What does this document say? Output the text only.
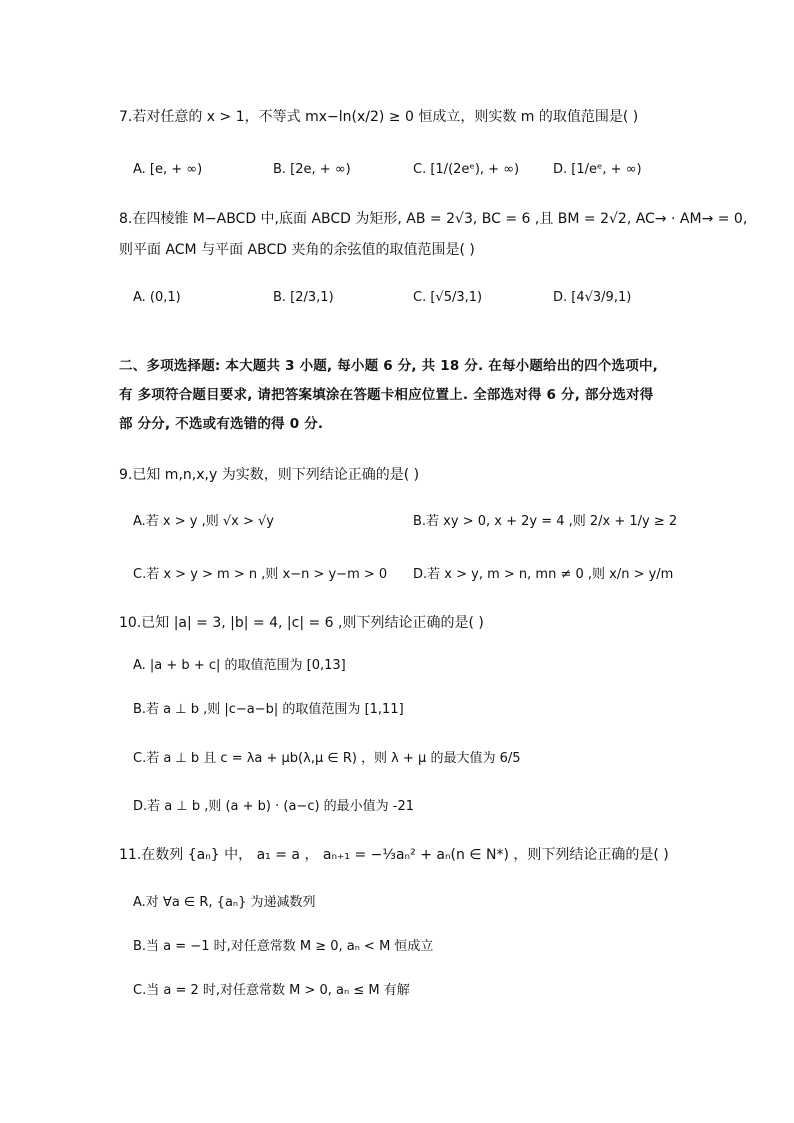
7.若对任意的 x > 1，不等式 mx−ln(x/2) ≥ 0 恒成立，则实数 m 的取值范围是( )
A. [e, + ∞)	B. [2e, + ∞)	C. [1/(2eᵉ), + ∞)	D. [1/eᵉ, + ∞)
8.在四棱锥 M−ABCD 中,底面 ABCD 为矩形, AB = 2√3, BC = 6 ,且 BM = 2√2, AC→ · AM→ = 0,
则平面 ACM 与平面 ABCD 夹角的余弦值的取值范围是( )
A. (0,1)	B. [2/3,1)	C. [√5/3,1)	D. [4√3/9,1)
二、多项选择题: 本大题共 3 小题, 每小题 6 分, 共 18 分. 在每小题给出的四个选项中, 有 多项符合题目要求, 请把答案填涂在答题卡相应位置上. 全部选对得 6 分, 部分选对得部 分分, 不选或有选错的得 0 分.
9.已知 m,n,x,y 为实数，则下列结论正确的是( )
A.若 x > y ,则 √x > √y	B.若 xy > 0, x + 2y = 4 ,则 2/x + 1/y ≥ 2
C.若 x > y > m > n ,则 x−n > y−m > 0 D.若 x > y, m > n, mn ≠ 0 ,则 x/n > y/m
10.已知 |a| = 3, |b| = 4, |c| = 6 ,则下列结论正确的是( )
A. |a + b + c| 的取值范围为 [0,13]
B.若 a ⊥ b ,则 |c−a−b| 的取值范围为 [1,11]
C.若 a ⊥ b 且 c = λa + μb(λ,μ ∈ R) ，则 λ + μ 的最大值为 6/5
D.若 a ⊥ b ,则 (a + b) · (a−c) 的最小值为 -21
11.在数列 {aₙ} 中， a₁ = a ， aₙ₊₁ = −⅓aₙ² + aₙ(n ∈ N*) ，则下列结论正确的是( )
A.对 ∀a ∈ R, {aₙ} 为递减数列
B.当 a = −1 时,对任意常数 M ≥ 0, aₙ < M 恒成立
C.当 a = 2 时,对任意常数 M > 0, aₙ ≤ M 有解
